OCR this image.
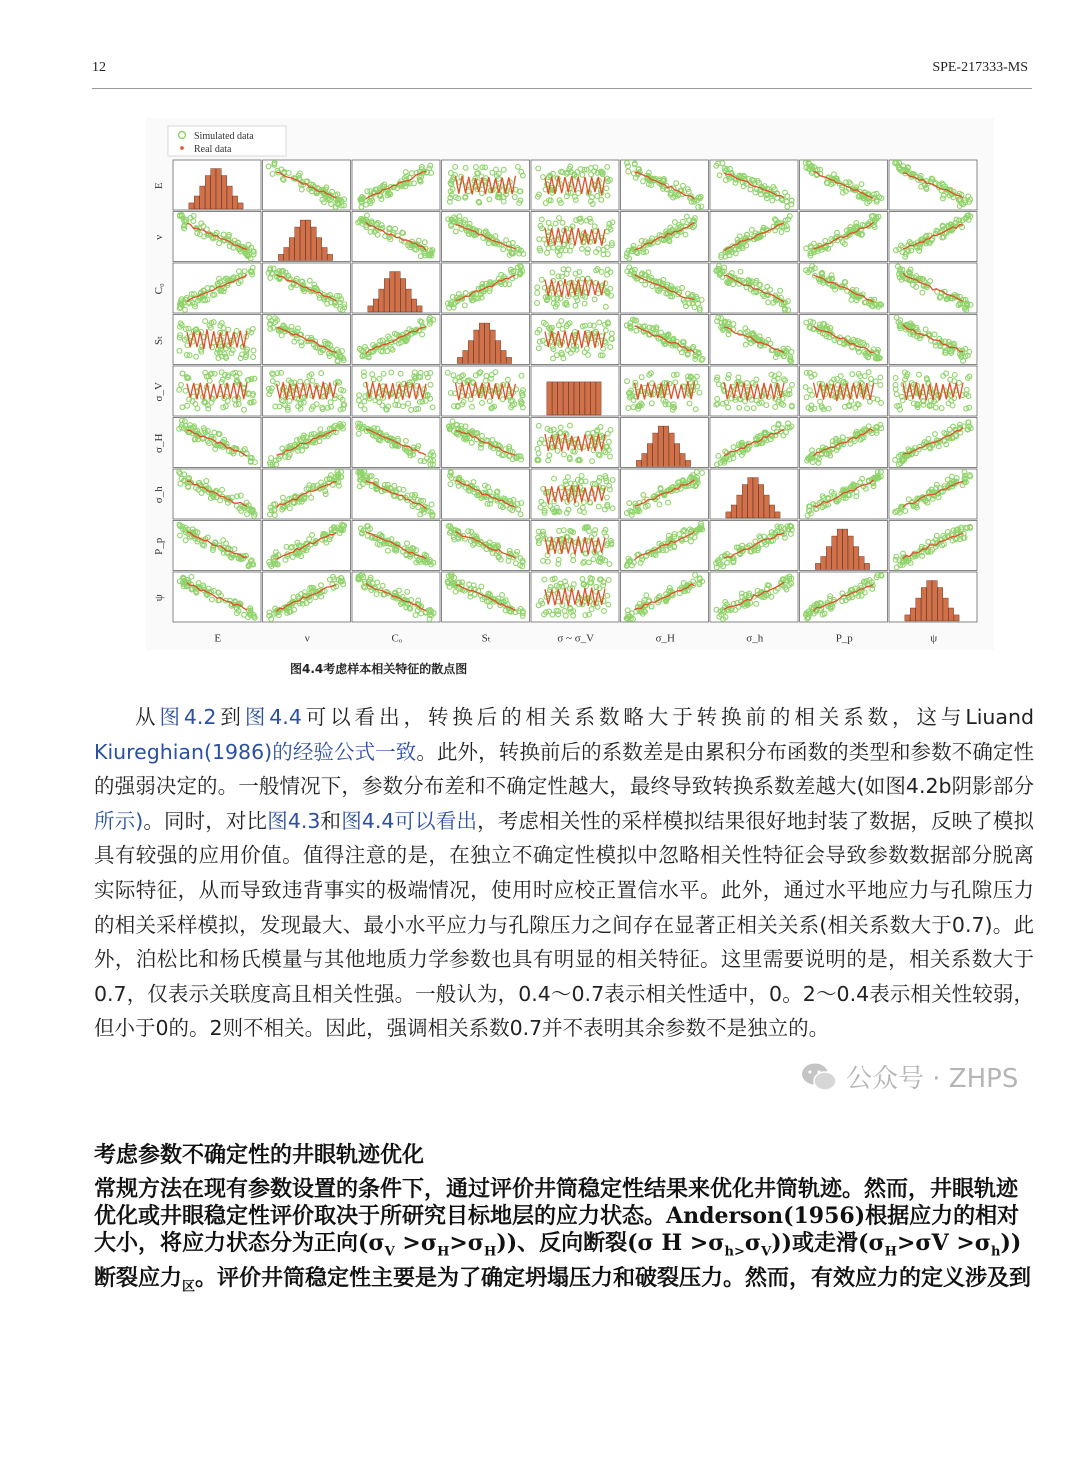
12	SPE-217333-MS
Simulated data
Real data
E
ν
C₀
Sₜ
σ_V
σ_H
σ_h
P_p
ψ
E	ν	Cₒ	Sₜ	σ ~ σ_V	σ_H	σ_h	P_p	ψ
图4.4考虑样本相关特征的散点图

从图4.2到图4.4可以看出，转换后的相关系数略大于转换前的相关系数，这与Liuand Kiureghian(1986)的经验公式一致。此外，转换前后的系数差是由累积分布函数的类型和参数不确定性的强弱决定的。一般情况下，参数分布差和不确定性越大，最终导致转换系数差越大(如图4.2b阴影部分所示)。同时，对比图4.3和图4.4可以看出，考虑相关性的采样模拟结果很好地封装了数据，反映了模拟具有较强的应用价值。值得注意的是，在独立不确定性模拟中忽略相关性特征会导致参数数据部分脱离实际特征，从而导致违背事实的极端情况，使用时应校正置信水平。此外，通过水平地应力与孔隙压力的相关采样模拟，发现最大、最小水平应力与孔隙压力之间存在显著正相关关系(相关系数大于0.7)。此外，泊松比和杨氏模量与其他地质力学参数也具有明显的相关特征。这里需要说明的是，相关系数大于0.7，仅表示关联度高且相关性强。一般认为，0.4～0.7表示相关性适中，0。2～0.4表示相关性较弱，但小于0的。2则不相关。因此，强调相关系数0.7并不表明其余参数不是独立的。

考虑参数不确定性的井眼轨迹优化

常规方法在现有参数设置的条件下，通过评价井筒稳定性结果来优化井筒轨迹。然而，井眼轨迹优化或井眼稳定性评价取决于所研究目标地层的应力状态。Anderson(1956)根据应力的相对大小，将应力状态分为正向$(\sigma_V >\sigma_H>\sigma_H)$)、反向断裂(σ $H >\sigma_{h>}\sigma_V$))或走滑$(\sigma_H>\sigma V >\sigma_h)$)断裂应力$_区$。评价井筒稳定性主要是为了确定坍塌压力和破裂压力。然而，有效应力的定义涉及到

公众号 · ZHPS
